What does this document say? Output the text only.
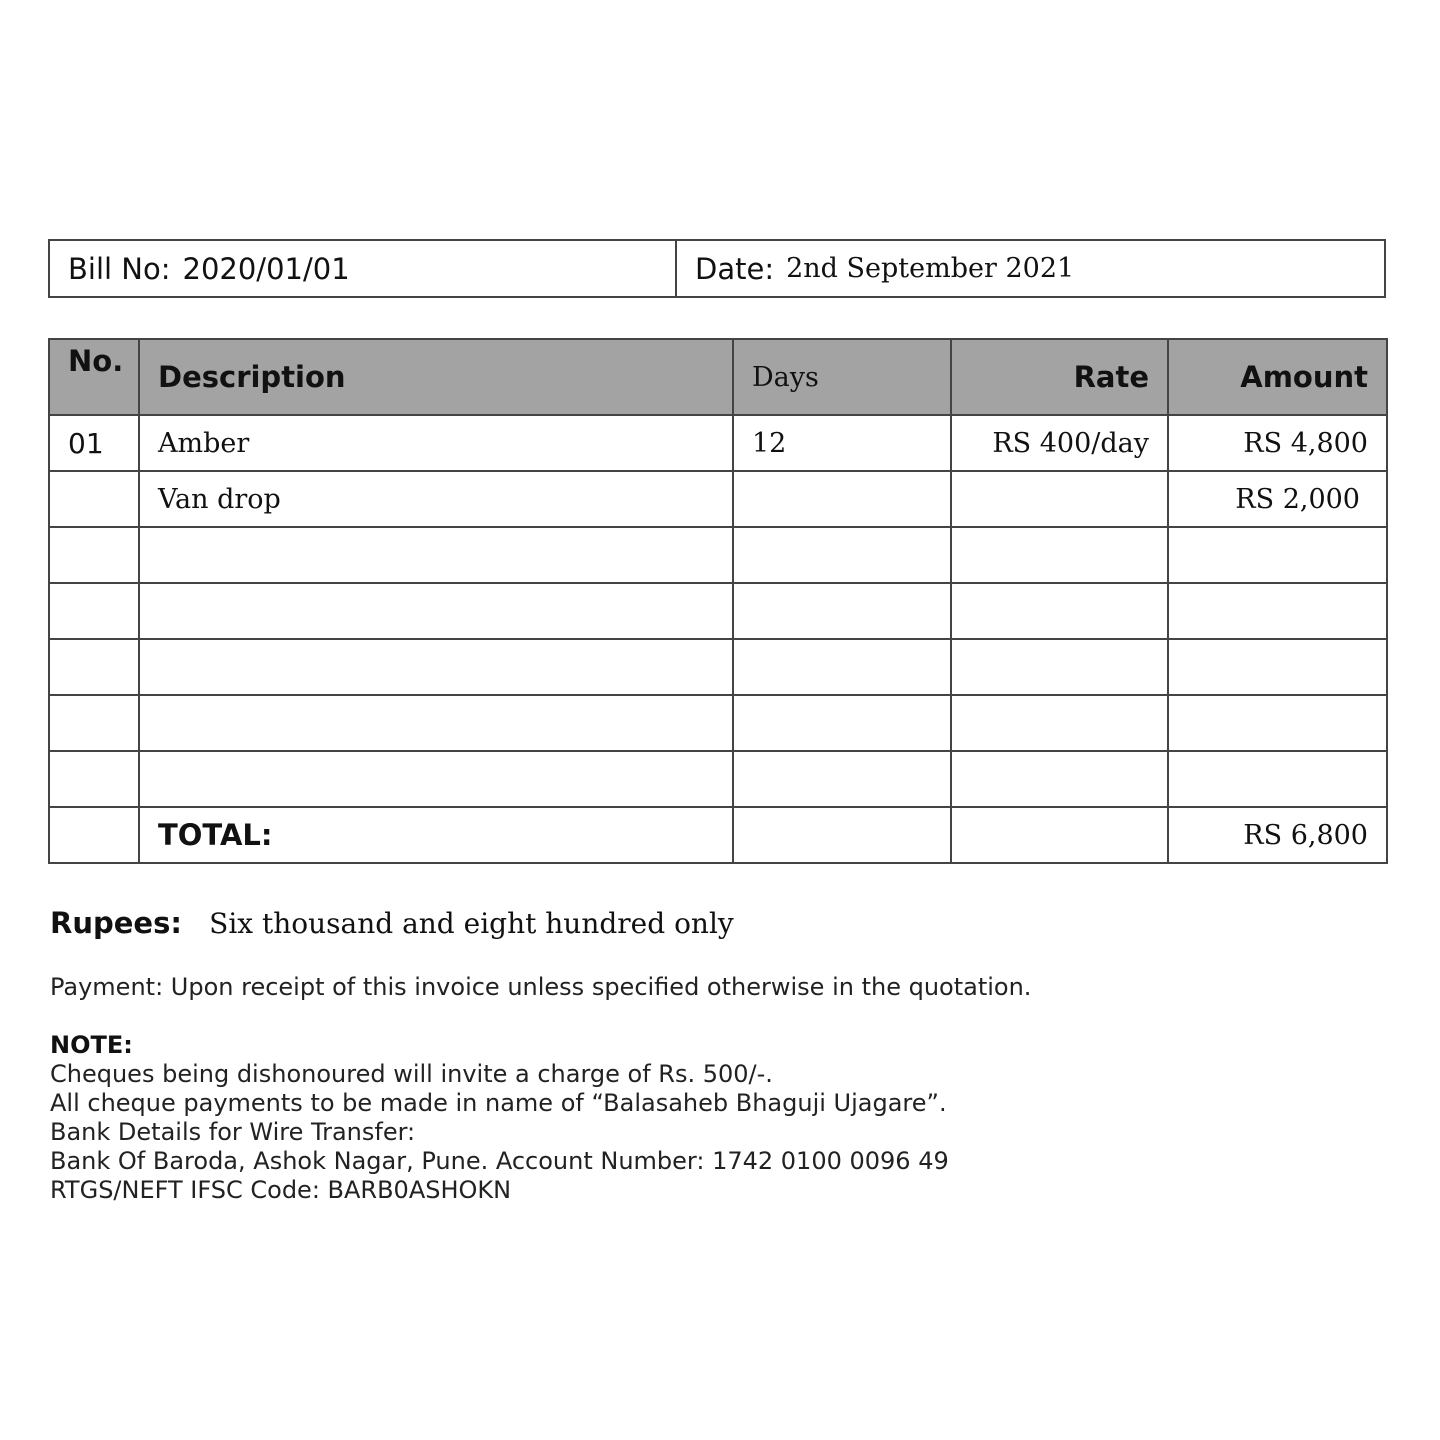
Bill No: 2020/01/01	Date: 2nd September 2021
No.	Description	Days	Rate	Amount
01	Amber	12	RS 400/day	RS 4,800
	Van drop			RS 2,000

	TOTAL:			RS 6,800
Rupees: Six thousand and eight hundred only
Payment: Upon receipt of this invoice unless specified otherwise in the quotation.
NOTE:
Cheques being dishonoured will invite a charge of Rs. 500/-.
All cheque payments to be made in name of “Balasaheb Bhaguji Ujagare”.
Bank Details for Wire Transfer:
Bank Of Baroda, Ashok Nagar, Pune. Account Number: 1742 0100 0096 49
RTGS/NEFT IFSC Code: BARB0ASHOKN
